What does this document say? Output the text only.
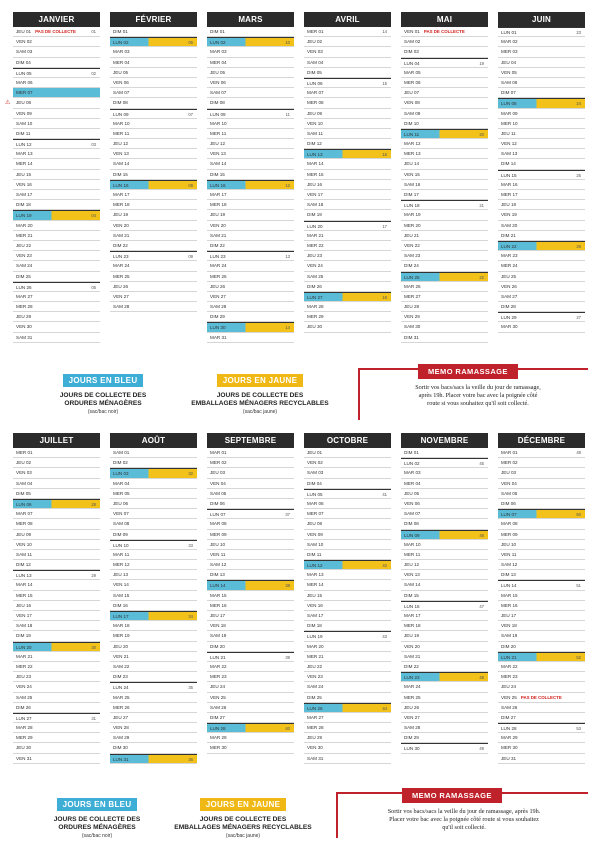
JANVIER
JEU 01 PAS DE COLLECTE	01
VEN 02
SAM 03
DIM 04
LUN 05	02
MAR 06
MER 07
⚠ JEU 08
VEN 09
SAM 10
DIM 11
LUN 12	03
MAR 13
MER 14
JEU 15
VEN 16
SAM 17
DIM 18
LUN 19	04
MAR 20
MER 21
JEU 22
VEN 23
SAM 24
DIM 25
LUN 26	05
MAR 27
MER 28
JEU 29
VEN 30
SAM 31
FÉVRIER
DIM 01
LUN 02	06
MAR 03
MER 04
JEU 05
VEN 06
SAM 07
DIM 08
LUN 09	07
MAR 10
MER 11
JEU 12
VEN 13
SAM 14
DIM 15
LUN 16	08
MAR 17
MER 18
JEU 19
VEN 20
SAM 21
DIM 22
LUN 23	09
MAR 24
MER 25
JEU 26
VEN 27
SAM 28
MARS
DIM 01
LUN 02	10
MAR 03
MER 04
JEU 05
VEN 06
SAM 07
DIM 08
LUN 09	11
MAR 10
MER 11
JEU 12
VEN 13
SAM 14
DIM 15
LUN 16	12
MAR 17
MER 18
JEU 19
VEN 20
SAM 21
DIM 22
LUN 23	13
MAR 24
MER 25
JEU 26
VEN 27
SAM 28
DIM 29
LUN 30	14
MAR 31
AVRIL
MER 01	14
JEU 02
VEN 03
SAM 04
DIM 05
LUN 06	15
MAR 07
MER 08
JEU 09
VEN 10
SAM 11
DIM 12
LUN 13	16
MAR 14
MER 15
JEU 16
VEN 17
SAM 18
DIM 19
LUN 20	17
MAR 21
MER 22
JEU 23
VEN 24
SAM 25
DIM 26
LUN 27	18
MAR 28
MER 29
JEU 30
MAI
VEN 01 PAS DE COLLECTE
SAM 02
DIM 03
LUN 04	19
MAR 05
MER 06
JEU 07
VEN 08
SAM 09
DIM 10
LUN 11	20
MAR 12
MER 13
JEU 14
VEN 15
SAM 16
DIM 17
LUN 18	21
MAR 19
MER 20
JEU 21
VEN 22
SAM 23
DIM 24
LUN 25	22
MAR 26
MER 27
JEU 28
VEN 29
SAM 30
DIM 31
JUIN
LUN 01	23
MAR 02
MER 03
JEU 04
VEN 05
SAM 06
DIM 07
LUN 08	24
MAR 09
MER 10
JEU 11
VEN 12
SAM 13
DIM 14
LUN 15	25
MAR 16
MER 17
JEU 18
VEN 19
SAM 20
DIM 21
LUN 22	26
MAR 23
MER 24
JEU 25
VEN 26
SAM 27
DIM 28
LUN 29	27
MAR 30
JUILLET
MER 01
JEU 02
VEN 03
SAM 04
DIM 05
LUN 06	28
MAR 07
MER 08
JEU 09
VEN 10
SAM 11
DIM 12
LUN 13	29
MAR 14
MER 15
JEU 16
VEN 17
SAM 18
DIM 19
LUN 20	30
MAR 21
MER 22
JEU 23
VEN 24
SAM 25
DIM 26
LUN 27	31
MAR 28
MER 29
JEU 30
VEN 31
AOÛT
SAM 01
DIM 02
LUN 03	32
MAR 04
MER 05
JEU 06
VEN 07
SAM 08
DIM 09
LUN 10	33
MAR 11
MER 12
JEU 13
VEN 14
SAM 15
DIM 16
LUN 17	34
MAR 18
MER 19
JEU 20
VEN 21
SAM 22
DIM 23
LUN 24	35
MAR 25
MER 26
JEU 27
VEN 28
SAM 29
DIM 30
LUN 31	36
SEPTEMBRE
MAR 01
MER 02
JEU 03
VEN 04
SAM 05
DIM 06
LUN 07	37
MAR 08
MER 09
JEU 10
VEN 11
SAM 12
DIM 13
LUN 14	38
MAR 15
MER 16
JEU 17
VEN 18
SAM 19
DIM 20
LUN 21	39
MAR 22
MER 23
JEU 24
VEN 25
SAM 26
DIM 27
LUN 28	40
MAR 29
MER 30
OCTOBRE
JEU 01
VEN 02
SAM 03
DIM 04
LUN 05	41
MAR 06
MER 07
JEU 08
VEN 09
SAM 10
DIM 11
LUN 12	42
MAR 13
MER 14
JEU 15
VEN 16
SAM 17
DIM 18
LUN 19	43
MAR 20
MER 21
JEU 22
VEN 23
SAM 24
DIM 25
LUN 26	44
MAR 27
MER 28
JEU 29
VEN 30
SAM 31
NOVEMBRE
DIM 01
LUN 02	45
MAR 03
MER 04
JEU 05
VEN 06
SAM 07
DIM 08
LUN 09	46
MAR 10
MER 11
JEU 12
VEN 13
SAM 14
DIM 15
LUN 16	47
MAR 17
MER 18
JEU 19
VEN 20
SAM 21
DIM 22
LUN 23	48
MAR 24
MER 25
JEU 26
VEN 27
SAM 28
DIM 29
LUN 30	49
DÉCEMBRE
MAR 01	49
MER 02
JEU 03
VEN 04
SAM 05
DIM 06
LUN 07	50
MAR 08
MER 09
JEU 10
VEN 11
SAM 12
DIM 13
LUN 14	51
MAR 15
MER 16
JEU 17
VEN 18
SAM 19
DIM 20
LUN 21	52
MAR 22
MER 23
JEU 24
VEN 25 PAS DE COLLECTE
SAM 26
DIM 27
LUN 28	53
MAR 29
MER 30
JEU 31
JOURS EN BLEU
JOURS DE COLLECTE DES
ORDURES MÉNAGÈRES
(sac/bac noir)
JOURS EN JAUNE
JOURS DE COLLECTE DES
EMBALLAGES MÉNAGERS RECYCLABLES
(sac/bac jaune)
MEMO RAMASSAGE
Sortir vos bacs/sacs la veille du jour de ramassage,
après 19h. Placer votre bac avec la poignée côté
route si vous souhaitez qu'il soit collecté.
JOURS EN BLEU
JOURS DE COLLECTE DES
ORDURES MÉNAGÈRES
(sac/bac noir)
JOURS EN JAUNE
JOURS DE COLLECTE DES
EMBALLAGES MÉNAGERS RECYCLABLES
(sac/bac jaune)
MEMO RAMASSAGE
Sortir vos bacs/sacs la veille du jour de ramassage, après 19h.
Placer votre bac avec la poignée côté route si vous souhaitez
qu'il soit collecté.
